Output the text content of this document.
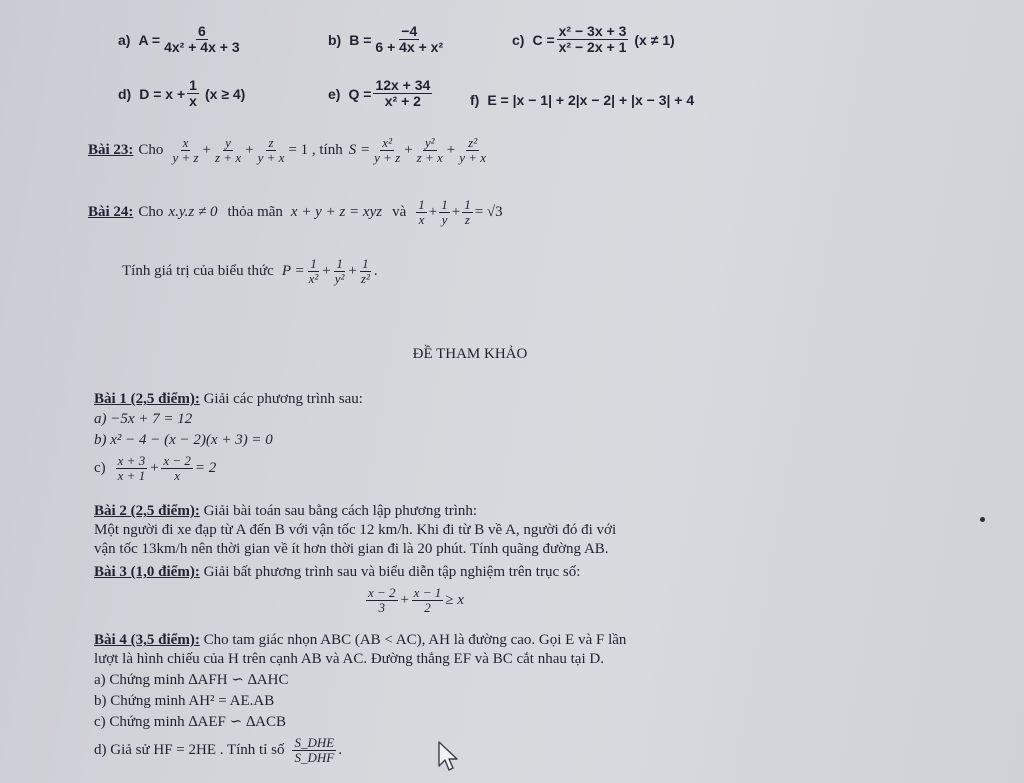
a) $A = \frac{6}{\text{4x² + 4x + 3}}$	b) $B = \frac{-4}{\text{6 + 4x + x²}}$	c) $C = \frac{\text{x² − 3x + 3}}{\text{x² − 2x + 1}} (x \ne 1)$
d) $D = x + \frac{1}{x} (x \ge 4)$	e) $Q = \frac{12x + 34}{\text{x² + 2}}$	f) E = |x − 1| + 2|x − 2| + |x − 3| + 4
Bài 23: Cho $\frac{x}{y + z} + \frac{y}{z + x} + \frac{z}{y + x} = 1$ , tính $S = \frac{\text{x²}}{y + z} + \frac{\text{y²}}{z + x} + \frac{\text{z²}}{y + x}$
Bài 24: Cho x.y.z ≠ 0 thỏa mãn x + y + z = xyz và $\frac{1}{x} + \frac{1}{y} + \frac{1}{z} = √3$
Tính giá trị của biểu thức $P = \frac{1}{\text{x²}} + \frac{1}{\text{y²}} + \frac{1}{\text{z²}}$ .
ĐỀ THAM KHẢO
Bài 1 (2,5 điểm): Giải các phương trình sau:
a) −5x + 7 = 12
b) x² − 4 − (x − 2)(x + 3) = 0
$c) \frac{x + 3}{x + 1} + \frac{x - 2}{x} = 2$
Bài 2 (2,5 điểm): Giải bài toán sau bằng cách lập phương trình:
Một người đi xe đạp từ A đến B với vận tốc 12 km/h. Khi đi từ B về A, người đó đi với
vận tốc 13km/h nên thời gian về ít hơn thời gian đi là 20 phút. Tính quãng đường AB.
Bài 3 (1,0 điểm): Giải bất phương trình sau và biểu diễn tập nghiệm trên trục số:
$\frac{x - 2}{3} + \frac{x - 1}{2} \ge x$
Bài 4 (3,5 điểm): Cho tam giác nhọn ABC (AB < AC), AH là đường cao. Gọi E và F lần
lượt là hình chiếu của H trên cạnh AB và AC. Đường thẳng EF và BC cắt nhau tại D.
a) Chứng minh ∆AFH ∽ ∆AHC
b) Chứng minh AH² = AE.AB
c) Chứng minh ∆AEF ∽ ∆ACB
d) Giả sử HF = 2HE . Tính tỉ số $\frac{\text{S\_DHE}}{\text{S\_DHF}}$ .
